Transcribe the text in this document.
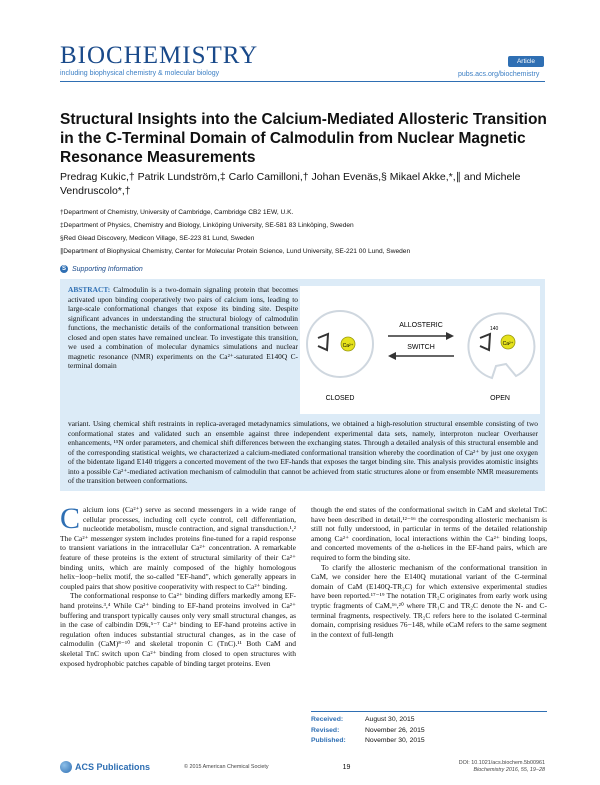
BIOCHEMISTRY
including biophysical chemistry & molecular biology
Article
pubs.acs.org/biochemistry
Structural Insights into the Calcium-Mediated Allosteric Transition in the C-Terminal Domain of Calmodulin from Nuclear Magnetic Resonance Measurements
Predrag Kukic,† Patrik Lundström,‡ Carlo Camilloni,† Johan Evenäs,§ Mikael Akke,*,∥ and Michele Vendruscolo*,†
†Department of Chemistry, University of Cambridge, Cambridge CB2 1EW, U.K.
‡Department of Physics, Chemistry and Biology, Linköping University, SE-581 83 Linköping, Sweden
§Red Glead Discovery, Medicon Village, SE-223 81 Lund, Sweden
∥Department of Biophysical Chemistry, Center for Molecular Protein Science, Lund University, SE-221 00 Lund, Sweden
S Supporting Information
ABSTRACT: Calmodulin is a two-domain signaling protein that becomes activated upon binding cooperatively two pairs of calcium ions, leading to large-scale conformational changes that expose its binding site. Despite significant advances in understanding the structural biology of calmodulin functions, the mechanistic details of the conformational transition between closed and open states have remained unclear. To investigate this transition, we used a combination of molecular dynamics simulations and nuclear magnetic resonance (NMR) experiments on the Ca²⁺-saturated E140Q C-terminal domain
Ca²⁺
ALLOSTERIC
SWITCH
140
Ca²⁺
CLOSED	OPEN
variant. Using chemical shift restraints in replica-averaged metadynamics simulations, we obtained a high-resolution structural ensemble consisting of two conformational states and validated such an ensemble against three independent experimental data sets, namely, interproton nuclear Overhauser enhancements, ¹⁵N order parameters, and chemical shift differences between the exchanging states. Through a detailed analysis of this structural ensemble and of the corresponding statistical weights, we characterized a calcium-mediated conformational transition whereby the coordination of Ca²⁺ by just one oxygen of the bidentate ligand E140 triggers a concerted movement of the two EF-hands that exposes the target binding site. This analysis provides atomistic insights into a possible Ca²⁺-mediated activation mechanism of calmodulin that cannot be achieved from static structures alone or from ensemble NMR measurements of the transition between conformations.

Calcium ions (Ca²⁺) serve as second messengers in a wide range of cellular processes, including cell cycle control, cell differentiation, nucleotide metabolism, muscle contraction, and signal transduction.¹,² The Ca²⁺ messenger system includes proteins fine-tuned for a rapid response to transient variations in the intracellular Ca²⁺ concentration. A remarkable feature of these proteins is the extent of structural similarity of their Ca²⁺ binding units, which are mainly composed of the highly homologous helix−loop−helix motif, the so-called "EF-hand", which generally appears in coupled pairs that show positive cooperativity with respect to Ca²⁺ binding.

The conformational response to Ca²⁺ binding differs markedly among EF-hand proteins.³,⁴ While Ca²⁺ binding to EF-hand proteins involved in Ca²⁺ buffering and transport typically causes only very small structural changes, as in the case of calbindin D9k,⁵⁻⁷ Ca²⁺ binding to EF-hand proteins active in regulation often induces substantial structural changes, as in the case of calmodulin (CaM)⁸⁻¹⁰ and skeletal troponin C (TnC).¹¹ Both CaM and skeletal TnC switch upon Ca²⁺ binding from closed to open structures with exposed hydrophobic patches capable of binding target proteins. Even

though the end states of the conformational switch in CaM and skeletal TnC have been described in detail,¹²⁻¹⁶ the corresponding allosteric mechanism is still not fully understood, in particular in terms of the detailed relationship among Ca²⁺ coordination, local interactions within the Ca²⁺ binding loops, and concerted movements of the α-helices in the EF-hand pairs, which are required to form the binding site.

To clarify the allosteric mechanism of the conformational transition in CaM, we consider here the E140Q mutational variant of the C-terminal domain of CaM (E140Q-TR₂C) for which extensive experimental studies have been reported.¹⁷⁻¹⁹ The notation TR₂C originates from early work using tryptic fragments of CaM,¹⁶,²⁰ where TR₁C and TR₂C denote the N- and C-terminal fragments, respectively. TR₂C refers here to the isolated C-terminal domain, comprising residues 76−148, while eCaM refers to the same segment in the context of full-length

Received:	August 30, 2015
Revised:	November 26, 2015
Published:	November 30, 2015
ACS Publications	© 2015 American Chemical Society	19
DOI: 10.1021/acs.biochem.5b00961
Biochemistry 2016, 55, 19−28
